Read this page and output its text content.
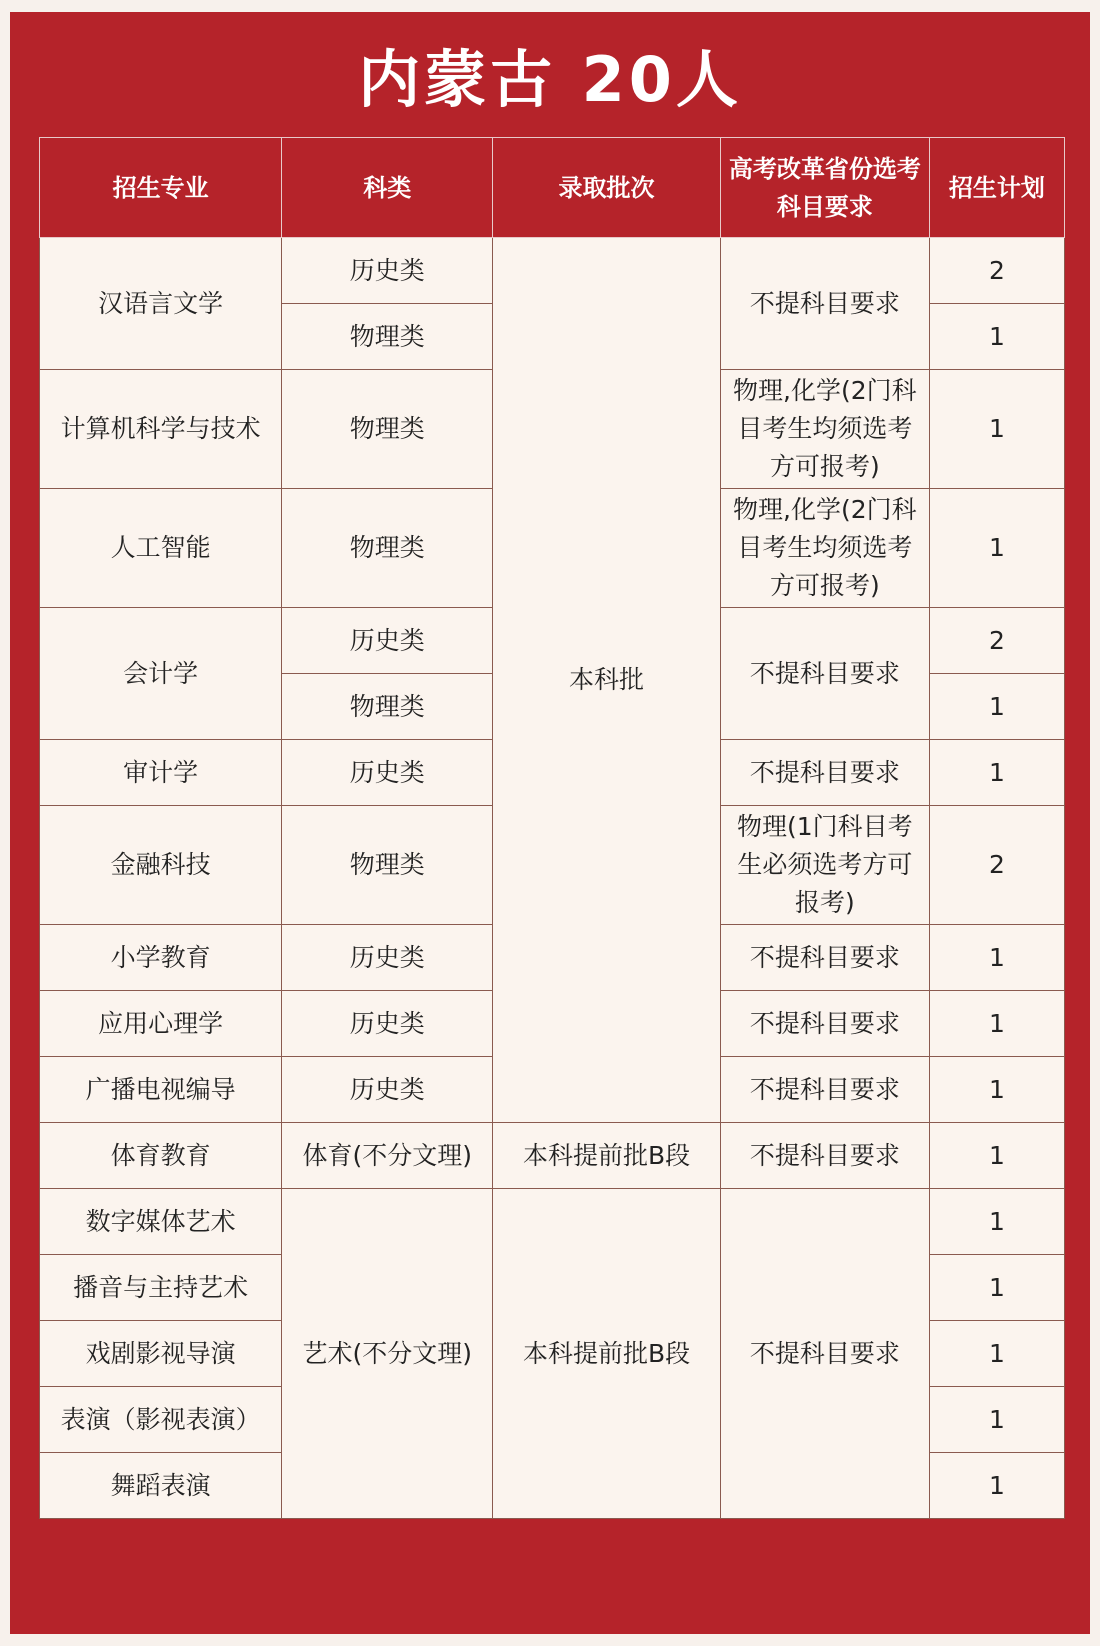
内蒙古 20人
招生专业	科类	录取批次	高考改革省份选考科目要求	招生计划
汉语言文学	历史类	本科批	不提科目要求	2
	物理类			1
计算机科学与技术	物理类		物理,化学(2门科目考生均须选考方可报考)	1
人工智能	物理类		物理,化学(2门科目考生均须选考方可报考)	1
会计学	历史类		不提科目要求	2
	物理类			1
审计学	历史类		不提科目要求	1
金融科技	物理类		物理(1门科目考生必须选考方可报考)	2
小学教育	历史类		不提科目要求	1
应用心理学	历史类		不提科目要求	1
广播电视编导	历史类		不提科目要求	1
体育教育	体育(不分文理)	本科提前批B段	不提科目要求	1
数字媒体艺术	艺术(不分文理)	本科提前批B段	不提科目要求	1
播音与主持艺术				1
戏剧影视导演				1
表演（影视表演）				1
舞蹈表演				1
